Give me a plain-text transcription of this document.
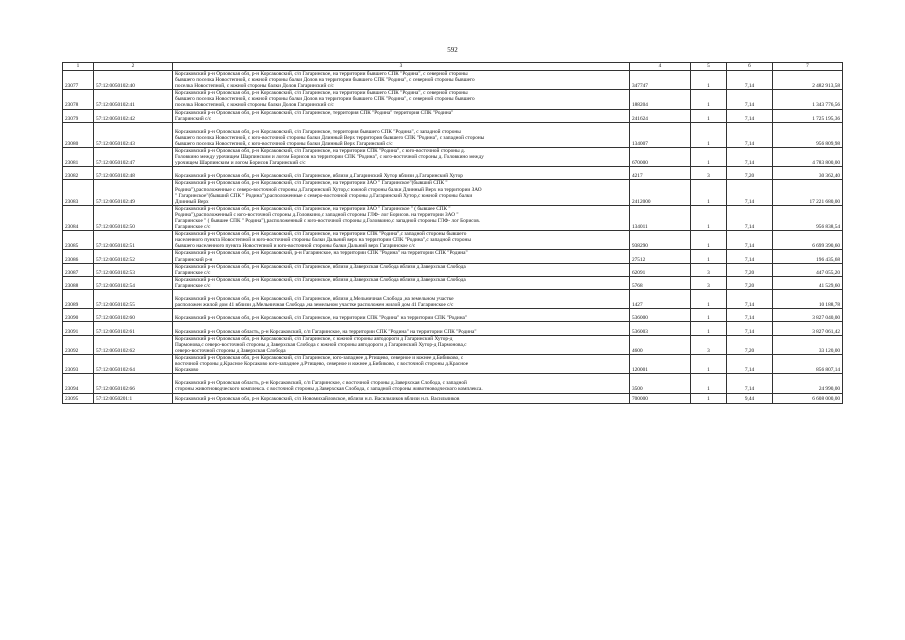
592
1	2	3	4	5	6	7
23077	57:12:0050102:40	Корсаковский р-н Орловская обл, р-н Корсаковский, с/п Гагаринское, на территории бывшего СПК "Родина", с северной стороны
бывшего поселка Новостепной, с южной стороны балки Долов на территории бывшего СПК "Родина", с северной стороны бывшего
поселка Новостепной, с южной стороны балки Долов Гагаринский с/с	347747	1	7,14	2 482 913,58
23078	57:12:0050102:41	Корсаковский р-н Орловская обл, р-н Корсаковский, с/п Гагаринское, на территории бывшего СПК "Родина", с северной стороны
бывшего поселка Новостепной, с южной стороны балки Долов на территории бывшего СПК "Родина", с северной стороны бывшего
поселка Новостепной, с южной стороны балки Долов Гагаринский с/с	188204	1	7,14	1 343 776,56
23079	57:12:0050102:42	Корсаковский р-н Орловская обл, р-н Корсаковский, с/п Гагаринское, территория СПК "Родина" территория СПК "Родина"
Гагаринский с/с	241624	1	7,14	1 725 195,36
23080	57:12:0050102:43	Корсаковский р-н Орловская обл, р-н Корсаковский, с/п Гагаринское, территория бывшего СПК "Родина", с западной стороны
бывшего поселка Новостепной, с юго-восточной стороны балки Длинный Верх территория бывшего СПК "Родина", с западной стороны
бывшего поселка Новостепной, с юго-восточной стороны балки Длинный Верх Гагаринский с/с	134007	1	7,14	956 809,98
23081	57:12:0050102:47	Корсаковский р-н Орловская обл, р-н Корсаковский, с/п Гагаринское, на территории СПК "Родина", с юго-восточной стороны д.
Головкино между урочищем Шарпинским и логом Борисов на территории СПК "Родина", с юго-восточной стороны д. Головкино между
урочищем Шарпинским и логом Борисов Гагаринский с/с	670000	1	7,14	4 783 800,00
23082	57:12:0050102:48	Корсаковский р-н Орловская обл, р-н Корсаковский, с/п Гагаринское, вблизи д.Гагаринский Хутор вблизи д.Гагаринский Хутор	4217	3	7,20	30 362,40
23083	57:12:0050102:49	Корсаковский р-н Орловская обл, р-н Корсаковский, с/п Гагаринское, на территории ЗАО " Гагаринское"(бывший СПК "
Родина"),расположенные с северо-восточной стороны д.Гагаринский Хутор,с южной стороны балки Длинный Верх на территории ЗАО
" Гагаринское"(бывший СПК " Родина"),расположенные с северо-восточной стороны д.Гагаринский Хутор,с южной стороны балки
Длинный Верх	2412000	1	7,14	17 221 680,00
23084	57:12:0050102:50	Корсаковский р-н Орловская обл, р-н Корсаковский, с/п Гагаринское, на территории ЗАО " Гагаринское " ( бывшее СПК "
Родина"),расположенный с юго-восточной стороны д.Головкино,с западной стороны ГЛФ- лог Борисов. на территории ЗАО "
Гагаринское " ( бывшее СПК " Родина"),расположенный с юго-восточной стороны д.Головкино,с западной стороны ГЛФ- лог Борисов.
Гагаринское с/с	134011	1	7,14	956 838,54
23085	57:12:0050102:51	Корсаковский р-н Орловская обл, р-н Корсаковский, с/п Гагаринское, на территории СПК "Родина",с западной стороны бывшего
населенного пункта Новостепной и юго-восточной стороны балки Дальний верх на территории СПК "Родина",с западной стороны
бывшего населенного пункта Новостепной и юго-восточной стороны балки Дальний верх Гагаринское с/с	938290	1	7,14	6 699 390,60
23086	57:12:0050102:52	Корсаковский р-н Орловская обл, р-н Корсаковский, р-н Гагаринское, на территории СПК "Родина" на территории СПК "Родина"
Гагаринский р-н	27512	1	7,14	196 435,68
23087	57:12:0050102:53	Корсаковский р-н Орловская обл, р-н Корсаковский, с/п Гагаринское, вблизи д.Заверхская Слобода вблизи д.Заверхская Слобода
Гагаринское с/с	62091	3	7,20	447 055,20
23088	57:12:0050102:54	Корсаковский р-н Орловская обл, р-н Корсаковский, с/п Гагаринское, вблизи д.Заверхская Слобода вблизи д.Заверхская Слобода
Гагаринское с/с	5768	3	7,20	41 529,60
23089	57:12:0050102:55	Корсаковский р-н Орловская обл, р-н Корсаковский, с/п Гагаринское, вблизи д.Мельничная Слобода ,на земельном участке
расположен жилой дом 41 вблизи д.Мельничная Слобода ,на земельном участке расположен жилой дом 41 Гагаринское с/с	1427	1	7,14	10 188,78
23090	57:12:0050102:60	Корсаковский р-н Орловская обл, р-н Корсаковский, с/п Гагаринское, на территории СПК "Родина" на территории СПК "Родина"	536000	1	7,14	3 827 040,00
23091	57:12:0050102:61	Корсаковский р-н Орловская область, р-н Корсаковский, с/п Гагаринское, на территории СПК "Родина" на территории СПК "Родина"	536003	1	7,14	3 827 061,42
23092	57:12:0050102:62	Корсаковский р-н Орловская обл, р-н Корсаковский, с/п Гагаринское, с южной стороны автодороги д Гагаринский Хутор-д
Пармонова,с северо-восточной стороны д Заверхская Слобода с южной стороны автодороги д Гагаринский Хутор-д Пармонова,с
северо-восточной стороны д Заверхская Слобода	4600	3	7,20	33 120,00
23093	57:12:0050102:64	Корсаковский р-н Орловская обл, р-н Корсаковский, с/п Гагаринское, юго-западнее д.Ртищево, северное и южнее д.Бибиково, с
восточной стороны д.Красное Корсаково юго-западнее д.Ртищево, северное и южнее д.Бибиково, с восточной стороны д.Красное
Корсаково	120001	1	7,14	856 807,14
23094	57:12:0050102:66	Корсаковский р-н Орловская область, р-н Корсаковский, с/п Гагаринское, с восточной стороны д.Заверхская Слобода, с западной
стороны животноводческого комплекса. с восточной стороны д.Заверхская Слобода, с западной стороны животноводческого комплекса.	3500	1	7,14	24 990,00
23095	57:12:0050201:1	Корсаковский р-н Орловская обл, р-н Корсаковский, с/п Новомихайловское, вблизи н.п. Васильчиков вблизи н.п. Васильчиков	700000	1	9,44	6 608 000,00
